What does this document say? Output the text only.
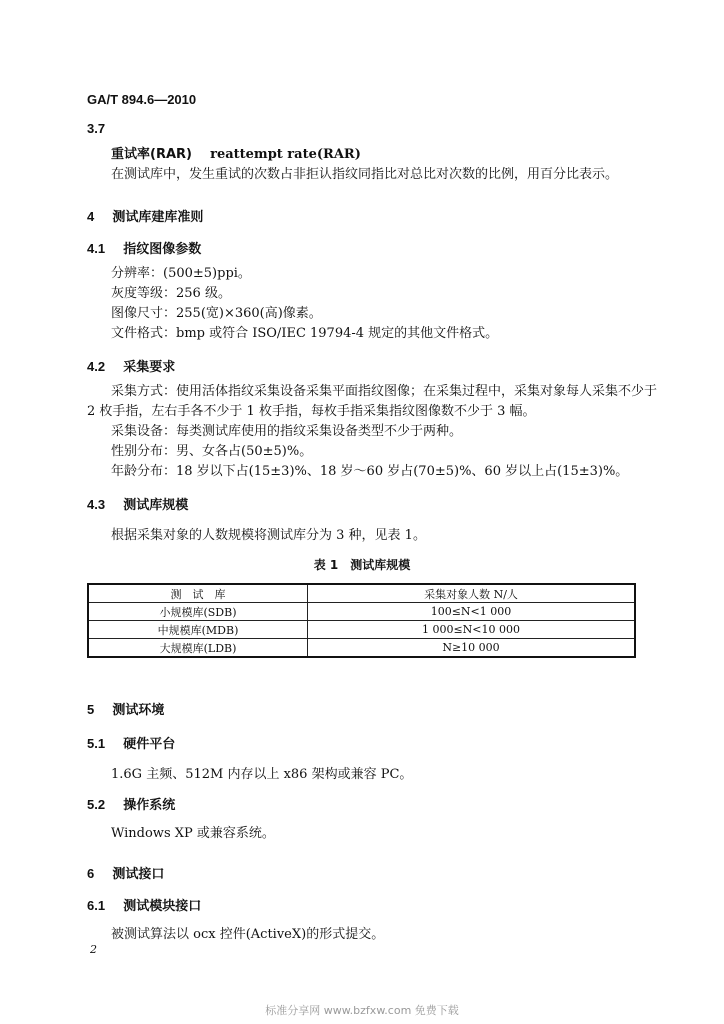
GA/T 894.6—2010
3.7
重试率(RAR) reattempt rate(RAR)
在测试库中，发生重试的次数占非拒认指纹同指比对总比对次数的比例，用百分比表示。
4 测试库建库准则
4.1 指纹图像参数
分辨率：(500±5)ppi。
灰度等级：256 级。
图像尺寸：255(宽)×360(高)像素。
文件格式：bmp 或符合 ISO/IEC 19794-4 规定的其他文件格式。
4.2 采集要求
采集方式：使用活体指纹采集设备采集平面指纹图像；在采集过程中，采集对象每人采集不少于
2 枚手指，左右手各不少于 1 枚手指，每枚手指采集指纹图像数不少于 3 幅。
采集设备：每类测试库使用的指纹采集设备类型不少于两种。
性别分布：男、女各占(50±5)%。
年龄分布：18 岁以下占(15±3)%、18 岁～60 岁占(70±5)%、60 岁以上占(15±3)%。
4.3 测试库规模
根据采集对象的人数规模将测试库分为 3 种，见表 1。
表 1　测试库规模
测　试　库	采集对象人数 N/人
小规模库(SDB)	100≤N<1 000
中规模库(MDB)	1 000≤N<10 000
大规模库(LDB)	N≥10 000
5 测试环境
5.1 硬件平台
1.6G 主频、512M 内存以上 x86 架构或兼容 PC。
5.2 操作系统
Windows XP 或兼容系统。
6 测试接口
6.1 测试模块接口
被测试算法以 ocx 控件(ActiveX)的形式提交。
2
标准分享网 www.bzfxw.com 免费下载
